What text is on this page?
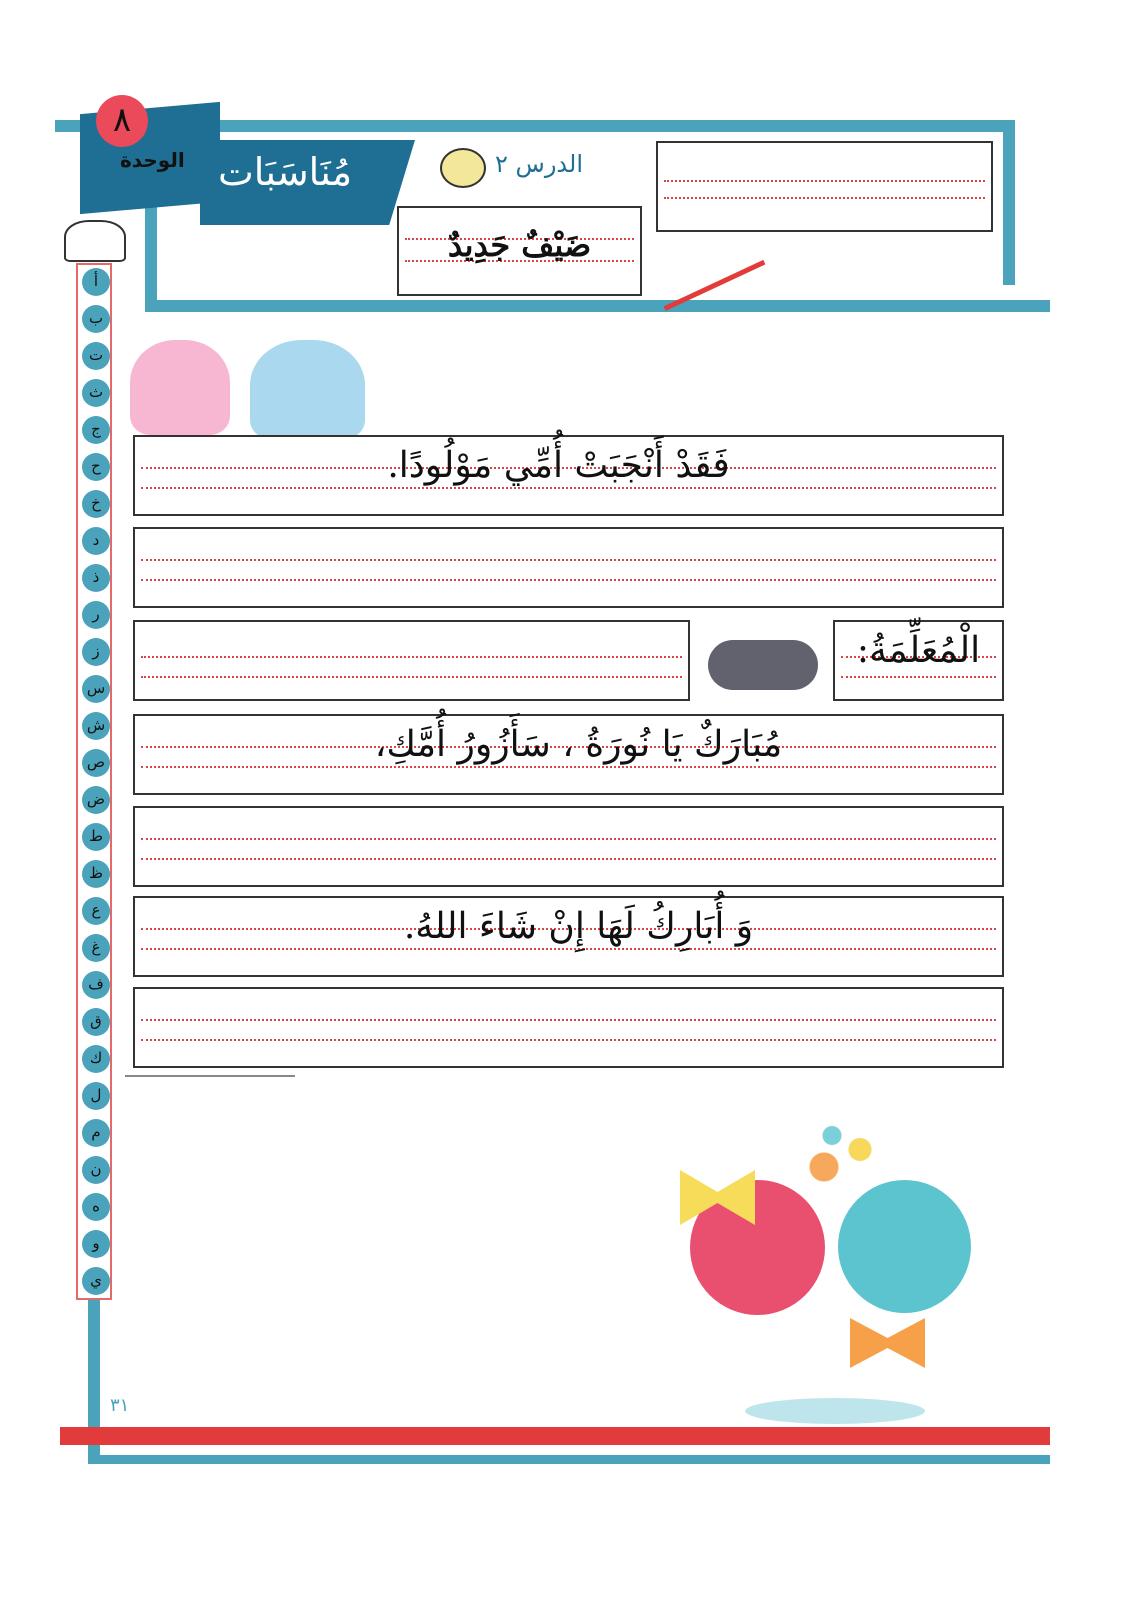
٨
الوحدة مُنَاسَبَات	الدرس ٢
ضَيْفٌ جَدِيدٌ
أ
ب
ت
ث
ج
ح
خ
د
ذ
ر
ز
س
ش
ص
ض
ط
ظ
ع
غ
ف
ق
ك
ل
م
ن
ه
و
ي
فَقَدْ أَنْجَبَتْ أُمِّي مَوْلُودًا.
الْمُعَلِّمَةُ:
مُبَارَكٌ يَا نُورَةُ ، سَأَزُورُ أُمَّكِ،
وَ أُبَارِكُ لَهَا إِنْ شَاءَ اللهُ.
٣١
